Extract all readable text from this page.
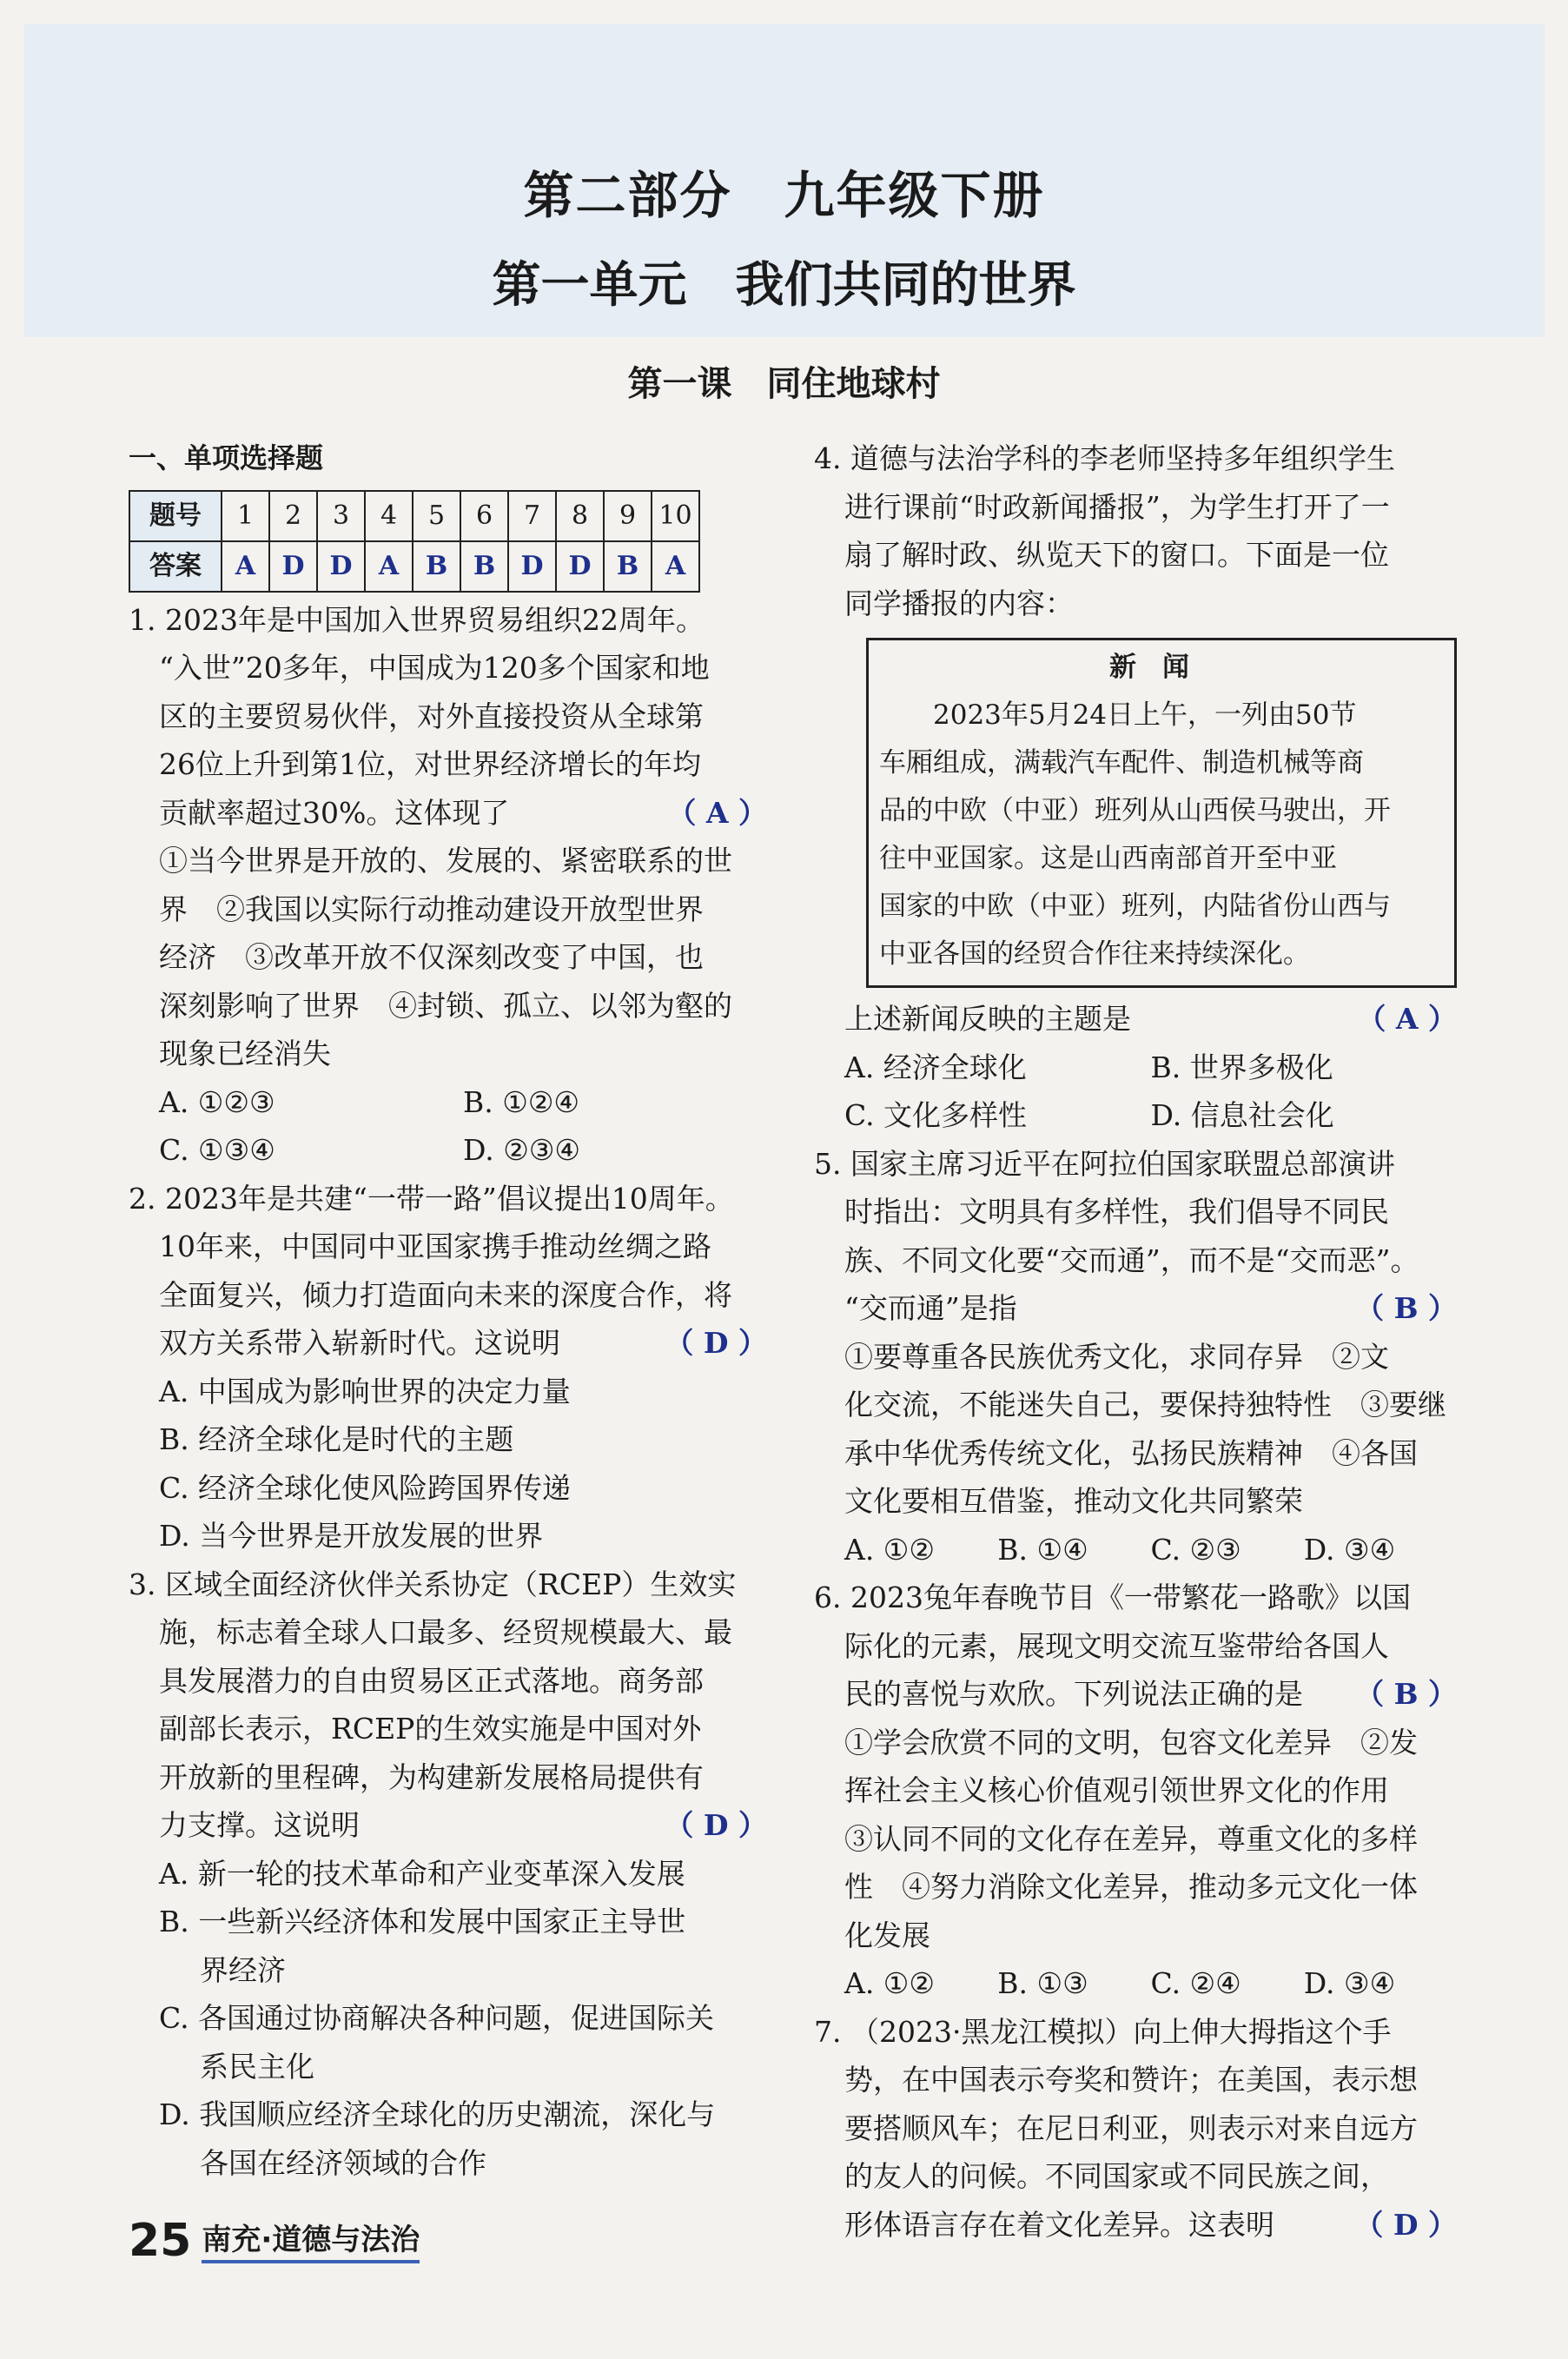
第二部分　九年级下册
第一单元　我们共同的世界
第一课　同住地球村
一、单项选择题
题号	1	2	3	4	5	6	7	8	9	10
答案	A	D	D	A	B	B	D	D	B	A
1. 2023年是中国加入世界贸易组织22周年。
“入世”20多年，中国成为120多个国家和地
区的主要贸易伙伴，对外直接投资从全球第
26位上升到第1位，对世界经济增长的年均
贡献率超过30%。这体现了	（ A ）
①当今世界是开放的、发展的、紧密联系的世
界　②我国以实际行动推动建设开放型世界
经济　③改革开放不仅深刻改变了中国，也
深刻影响了世界　④封锁、孤立、以邻为壑的
现象已经消失
A. ①②③	B. ①②④
C. ①③④	D. ②③④
2. 2023年是共建“一带一路”倡议提出10周年。
10年来，中国同中亚国家携手推动丝绸之路
全面复兴，倾力打造面向未来的深度合作，将
双方关系带入崭新时代。这说明	（ D ）
A. 中国成为影响世界的决定力量
B. 经济全球化是时代的主题
C. 经济全球化使风险跨国界传递
D. 当今世界是开放发展的世界
3. 区域全面经济伙伴关系协定（RCEP）生效实
施，标志着全球人口最多、经贸规模最大、最
具发展潜力的自由贸易区正式落地。商务部
副部长表示，RCEP的生效实施是中国对外
开放新的里程碑，为构建新发展格局提供有
力支撑。这说明	（ D ）
A. 新一轮的技术革命和产业变革深入发展
B. 一些新兴经济体和发展中国家正主导世
界经济
C. 各国通过协商解决各种问题，促进国际关
系民主化
D. 我国顺应经济全球化的历史潮流，深化与
各国在经济领域的合作
4. 道德与法治学科的李老师坚持多年组织学生
进行课前“时政新闻播报”，为学生打开了一
扇了解时政、纵览天下的窗口。下面是一位
同学播报的内容：
新闻
　　2023年5月24日上午，一列由50节
车厢组成，满载汽车配件、制造机械等商
品的中欧（中亚）班列从山西侯马驶出，开
往中亚国家。这是山西南部首开至中亚
国家的中欧（中亚）班列，内陆省份山西与
中亚各国的经贸合作往来持续深化。
上述新闻反映的主题是	（ A ）
A. 经济全球化	B. 世界多极化
C. 文化多样性	D. 信息社会化
5. 国家主席习近平在阿拉伯国家联盟总部演讲
时指出：文明具有多样性，我们倡导不同民
族、不同文化要“交而通”，而不是“交而恶”。
“交而通”是指	（ B ）
①要尊重各民族优秀文化，求同存异　②文
化交流，不能迷失自己，要保持独特性　③要继
承中华优秀传统文化，弘扬民族精神　④各国
文化要相互借鉴，推动文化共同繁荣
A. ①②	B. ①④	C. ②③	D. ③④
6. 2023兔年春晚节目《一带繁花一路歌》以国
际化的元素，展现文明交流互鉴带给各国人
民的喜悦与欢欣。下列说法正确的是 （ B ）
①学会欣赏不同的文明，包容文化差异　②发
挥社会主义核心价值观引领世界文化的作用
③认同不同的文化存在差异，尊重文化的多样
性　④努力消除文化差异，推动多元文化一体
化发展
A. ①②	B. ①③	C. ②④	D. ③④
7. （2023·黑龙江模拟）向上伸大拇指这个手
势，在中国表示夸奖和赞许；在美国，表示想
要搭顺风车；在尼日利亚，则表示对来自远方
的友人的问候。不同国家或不同民族之间，
形体语言存在着文化差异。这表明	（ D ）
25 南充·道德与法治
